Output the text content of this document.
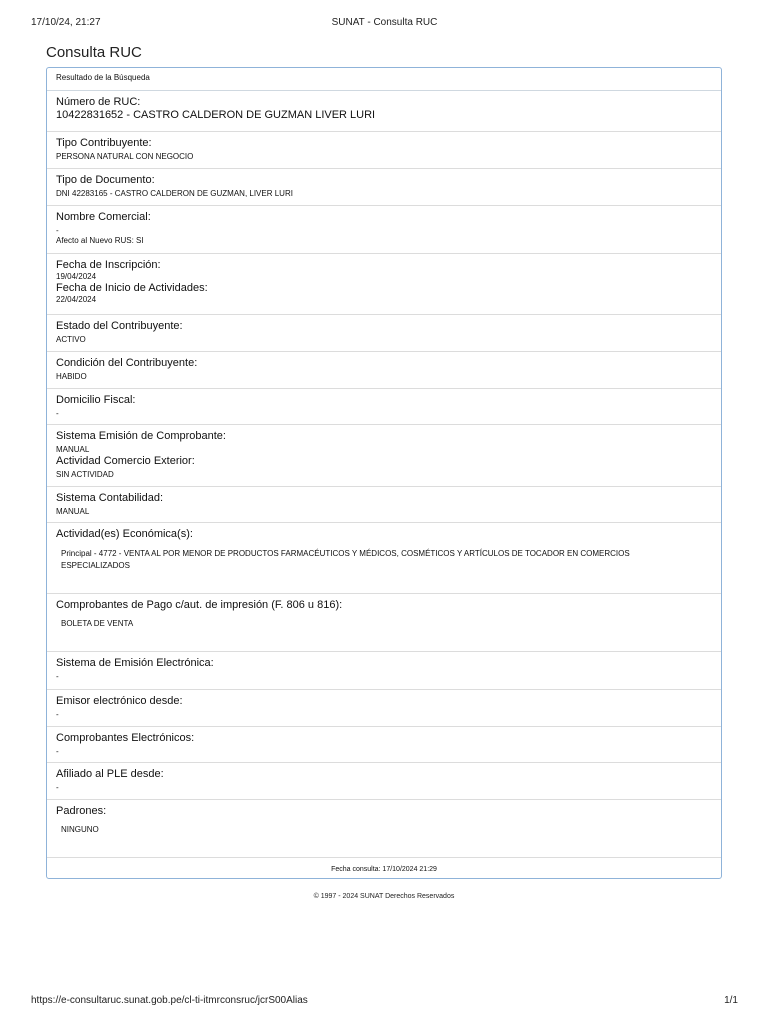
17/10/24, 21:27	SUNAT - Consulta RUC
Consulta RUC
Resultado de la Búsqueda
Número de RUC:
10422831652 - CASTRO CALDERON DE GUZMAN LIVER LURI
Tipo Contribuyente:
PERSONA NATURAL CON NEGOCIO
Tipo de Documento:
DNI 42283165 - CASTRO CALDERON DE GUZMAN, LIVER LURI
Nombre Comercial:
-
Afecto al Nuevo RUS: SI
Fecha de Inscripción:
19/04/2024
Fecha de Inicio de Actividades:
22/04/2024
Estado del Contribuyente:
ACTIVO
Condición del Contribuyente:
HABIDO
Domicilio Fiscal:
-
Sistema Emisión de Comprobante:
MANUAL
Actividad Comercio Exterior:
SIN ACTIVIDAD
Sistema Contabilidad:
MANUAL
Actividad(es) Económica(s):
Principal - 4772 - VENTA AL POR MENOR DE PRODUCTOS FARMACÉUTICOS Y MÉDICOS, COSMÉTICOS Y ARTÍCULOS DE TOCADOR EN COMERCIOS ESPECIALIZADOS
Comprobantes de Pago c/aut. de impresión (F. 806 u 816):
BOLETA DE VENTA
Sistema de Emisión Electrónica:
-
Emisor electrónico desde:
-
Comprobantes Electrónicos:
-
Afiliado al PLE desde:
-
Padrones:
NINGUNO
Fecha consulta: 17/10/2024 21:29
© 1997 - 2024 SUNAT Derechos Reservados
https://e-consultaruc.sunat.gob.pe/cl-ti-itmrconsruc/jcrS00Alias	1/1
